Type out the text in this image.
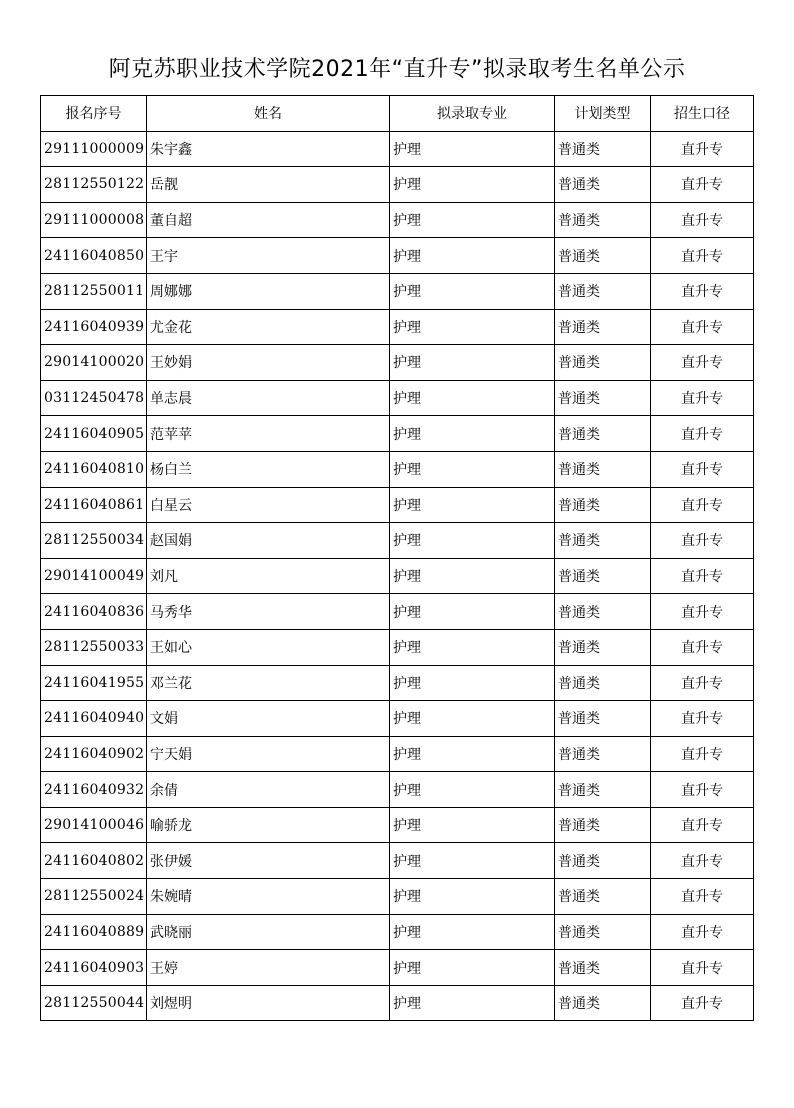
阿克苏职业技术学院2021年“直升专”拟录取考生名单公示
报名序号	姓名	拟录取专业	计划类型	招生口径
29111000009	朱宇鑫	护理	普通类	直升专
28112550122	岳靓	护理	普通类	直升专
29111000008	董自超	护理	普通类	直升专
24116040850	王宇	护理	普通类	直升专
28112550011	周娜娜	护理	普通类	直升专
24116040939	尤金花	护理	普通类	直升专
29014100020	王妙娟	护理	普通类	直升专
03112450478	单志晨	护理	普通类	直升专
24116040905	范苹苹	护理	普通类	直升专
24116040810	杨白兰	护理	普通类	直升专
24116040861	白星云	护理	普通类	直升专
28112550034	赵国娟	护理	普通类	直升专
29014100049	刘凡	护理	普通类	直升专
24116040836	马秀华	护理	普通类	直升专
28112550033	王如心	护理	普通类	直升专
24116041955	邓兰花	护理	普通类	直升专
24116040940	文娟	护理	普通类	直升专
24116040902	宁天娟	护理	普通类	直升专
24116040932	余倩	护理	普通类	直升专
29014100046	喻骄龙	护理	普通类	直升专
24116040802	张伊媛	护理	普通类	直升专
28112550024	朱婉晴	护理	普通类	直升专
24116040889	武晓丽	护理	普通类	直升专
24116040903	王婷	护理	普通类	直升专
28112550044	刘煜明	护理	普通类	直升专
